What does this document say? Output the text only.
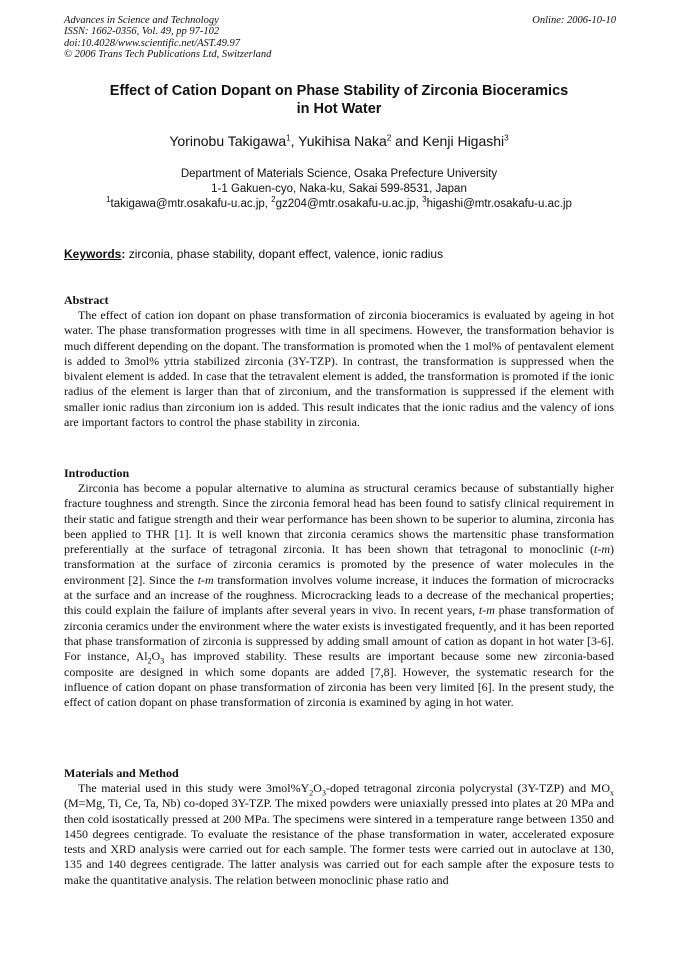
Advances in Science and Technology
ISSN: 1662-0356, Vol. 49, pp 97-102
doi:10.4028/www.scientific.net/AST.49.97
© 2006 Trans Tech Publications Ltd, Switzerland
Online: 2006-10-10
Effect of Cation Dopant on Phase Stability of Zirconia Bioceramics
in Hot Water
Yorinobu Takigawa$^1$, Yukihisa Naka$^2$ and Kenji Higashi$^3$
Department of Materials Science, Osaka Prefecture University
1-1 Gakuen-cyo, Naka-ku, Sakai 599-8531, Japan
$^1$takigawa@mtr.osakafu-u.ac.jp, $^2$gz204@mtr.osakafu-u.ac.jp, $^3$higashi@mtr.osakafu-u.ac.jp
Keywords: zirconia, phase stability, dopant effect, valence, ionic radius
Abstract

The effect of cation ion dopant on phase transformation of zirconia bioceramics is evaluated by ageing in hot water. The phase transformation progresses with time in all specimens. However, the transformation behavior is much different depending on the dopant. The transformation is promoted when the 1 mol% of pentavalent element is added to 3mol% yttria stabilized zirconia (3Y-TZP). In contrast, the transformation is suppressed when the bivalent element is added. In case that the tetravalent element is added, the transformation is promoted if the ionic radius of the element is larger than that of zirconium, and the transformation is suppressed if the element with smaller ionic radius than zirconium ion is added. This result indicates that the ionic radius and the valency of ions are important factors to control the phase stability in zirconia.

Introduction

Zirconia has become a popular alternative to alumina as structural ceramics because of substantially higher fracture toughness and strength. Since the zirconia femoral head has been found to satisfy clinical requirement in their static and fatigue strength and their wear performance has been shown to be superior to alumina, zirconia has been applied to THR [1]. It is well known that zirconia ceramics shows the martensitic phase transformation preferentially at the surface of tetragonal zirconia. It has been shown that tetragonal to monoclinic (t-m) transformation at the surface of zirconia ceramics is promoted by the presence of water molecules in the environment [2]. Since the t-m transformation involves volume increase, it induces the formation of microcracks at the surface and an increase of the roughness. Microcracking leads to a decrease of the mechanical properties; this could explain the failure of implants after several years in vivo. In recent years, t-m phase transformation of zirconia ceramics under the environment where the water exists is investigated frequently, and it has been reported that phase transformation of zirconia is suppressed by adding small amount of cation as dopant in hot water [3-6]. For instance, $Al_2O_3$ has improved stability. These results are important because some new zirconia-based composite are designed in which some dopants are added [7,8]. However, the systematic research for the influence of cation dopant on phase transformation of zirconia has been very limited [6]. In the present study, the effect of cation dopant on phase transformation of zirconia is examined by aging in hot water.

Materials and Method

The material used in this study were $3mol\%Y_2O_3$-doped tetragonal zirconia polycrystal (3Y-TZP) and $MO_x$ (M=Mg, Ti, Ce, Ta, Nb) co-doped 3Y-TZP. The mixed powders were uniaxially pressed into plates at 20 MPa and then cold isostatically pressed at 200 MPa. The specimens were sintered in a temperature range between 1350 and 1450 degrees centigrade. To evaluate the resistance of the phase transformation in water, accelerated exposure tests and XRD analysis were carried out for each sample. The former tests were carried out in autoclave at 130, 135 and 140 degrees centigrade. The latter analysis was carried out for each sample after the exposure tests to make the quantitative analysis. The relation between monoclinic phase ratio and
